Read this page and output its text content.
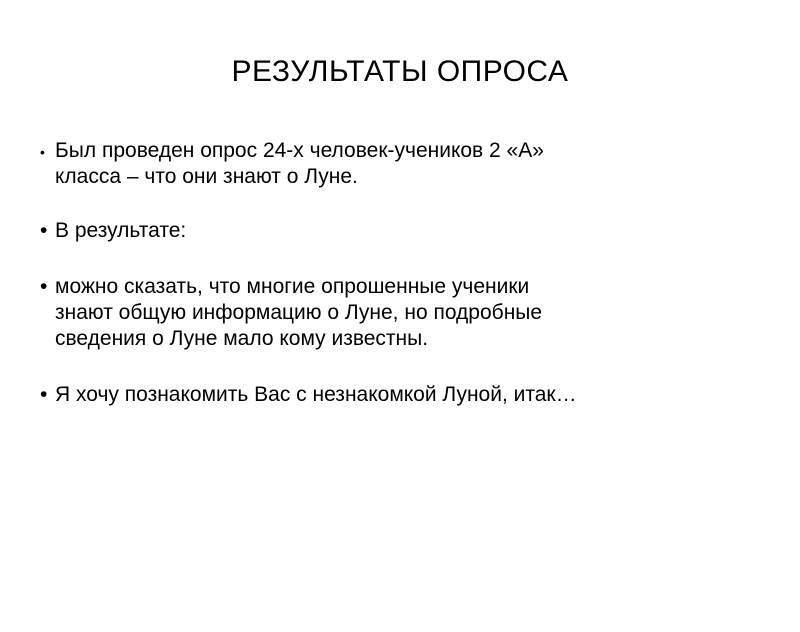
РЕЗУЛЬТАТЫ ОПРОСА
• Был проведен опрос 24-х человек-учеников 2 «А»
класса – что они знают о Луне.
• В результате:
• можно сказать, что многие опрошенные ученики
знают общую информацию о Луне, но подробные
сведения о Луне мало кому известны.
• Я хочу познакомить Вас с незнакомкой Луной, итак…
